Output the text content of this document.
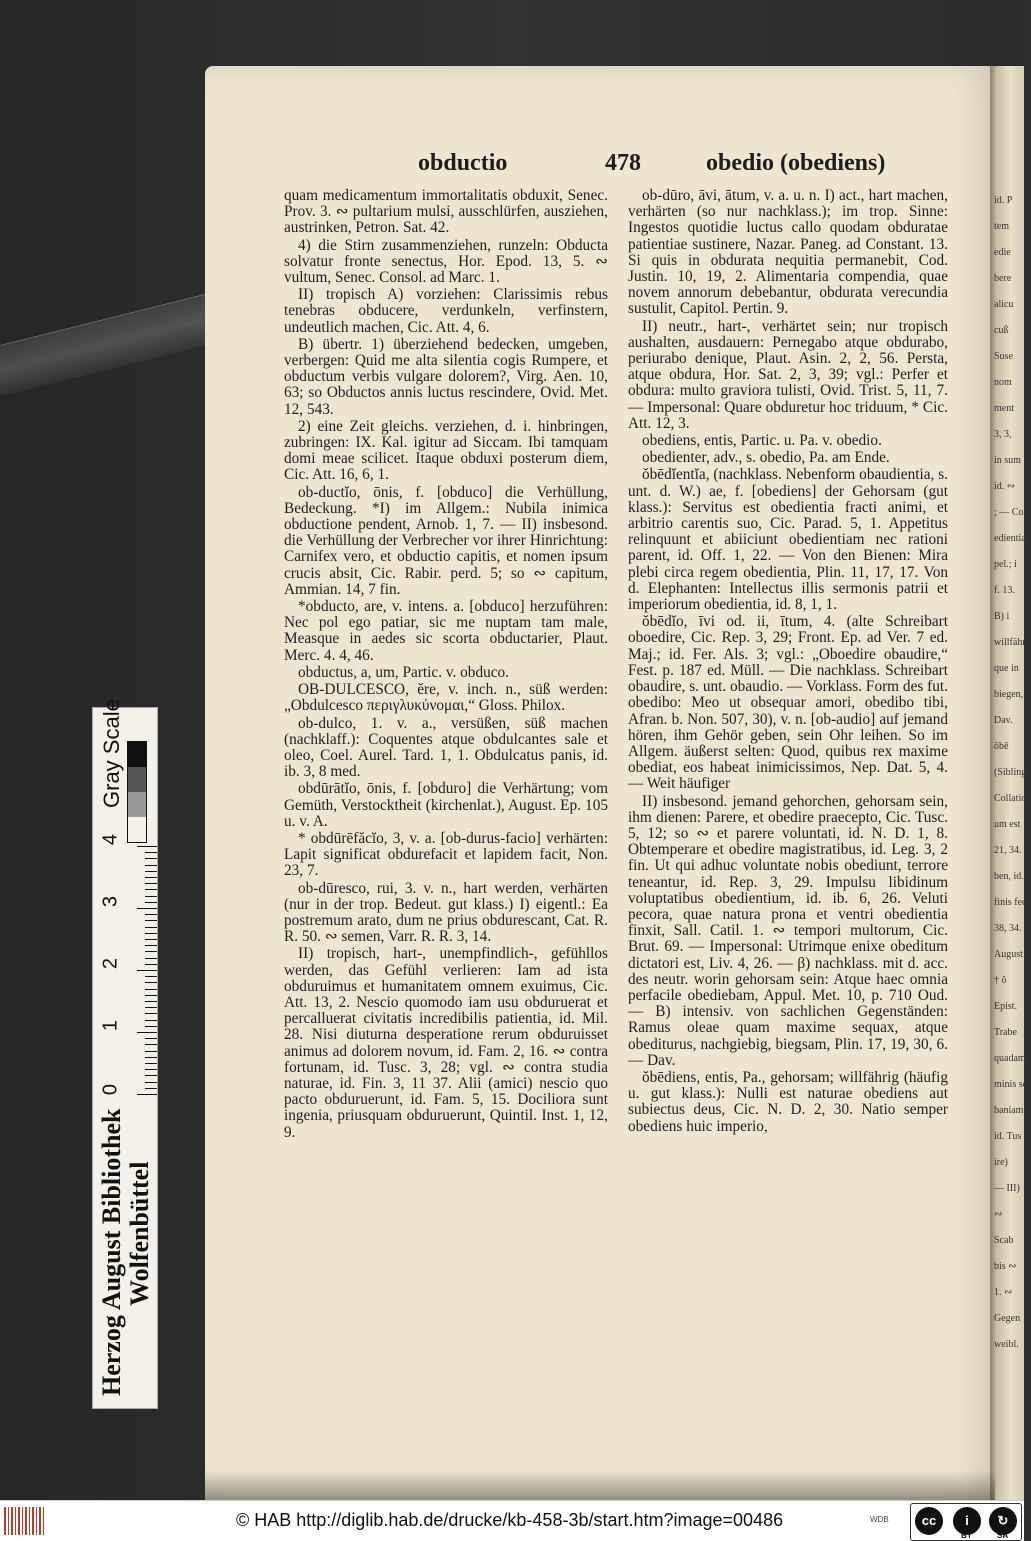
id. P
tem
edie
bere
alicu
cuß
Suse
nom
ment
3, 3,
in sum
id. ∾
; — Co
edientia
pel.; i
f. 13.
B) i
willfähr
que in
biegen,
Dav.
ŏbē
(Sibling
Collation
um est
21, 34.
ben, id.
finis fece
38, 34.
August
† ŏ
Epist.
Trabe
quadam
minis sc
baniam
id. Tus
ire)
— III)
∾
Scab
bis ∾
1. ∾
Gegen
weibl.
obductio	478	obedio (obediens)

quam medicamentum immortalitatis obduxit, Senec. Prov. 3. ∾ pultarium mulsi, ausschlürfen, ausziehen, austrinken, Petron. Sat. 42.

4) die Stirn zusammenziehen, runzeln: Obducta solvatur fronte senectus, Hor. Epod. 13, 5. ∾ vultum, Senec. Consol. ad Marc. 1.

II) tropisch A) vorziehen: Clarissimis rebus tenebras obducere, verdunkeln, verfinstern, undeutlich machen, Cic. Att. 4, 6.

B) übertr. 1) überziehend bedecken, umgeben, verbergen: Quid me alta silentia cogis Rumpere, et obductum verbis vulgare dolorem?, Virg. Aen. 10, 63; so Obductos annis luctus rescindere, Ovid. Met. 12, 543.

2) eine Zeit gleichs. verziehen, d. i. hinbringen, zubringen: IX. Kal. igitur ad Siccam. Ibi tamquam domi meae scilicet. Itaque obduxi posterum diem, Cic. Att. 16, 6, 1.

ob-ductĭo, ōnis, f. [obduco] die Verhüllung, Bedeckung. *I) im Allgem.: Nubila inimica obductione pendent, Arnob. 1, 7. — II) insbesond. die Verhüllung der Verbrecher vor ihrer Hinrichtung: Carnifex vero, et obductio capitis, et nomen ipsum crucis absit, Cic. Rabir. perd. 5; so ∾ capitum, Ammian. 14, 7 fin.

*obducto, are, v. intens. a. [obduco] herzuführen: Nec pol ego patiar, sic me nuptam tam male, Measque in aedes sic scorta obductarier, Plaut. Merc. 4. 4, 46.

obductus, a, um, Partic. v. obduco.

OB-DULCESCO, ĕre, v. inch. n., süß werden: „Obdulcesco περιγλυκύνομαι,“ Gloss. Philox.

ob-dulco, 1. v. a., versüßen, süß machen (nachklaff.): Coquentes atque obdulcantes sale et oleo, Coel. Aurel. Tard. 1, 1. Obdulcatus panis, id. ib. 3, 8 med.

obdūrātĭo, ōnis, f. [obduro] die Verhärtung; vom Gemüth, Verstocktheit (kirchenlat.), August. Ep. 105 u. v. A.

* obdūrēfăcĭo, 3, v. a. [ob-durus-facio] verhärten: Lapit significat obdurefacit et lapidem facit, Non. 23, 7.

ob-dūresco, rui, 3. v. n., hart werden, verhärten (nur in der trop. Bedeut. gut klass.) I) eigentl.: Ea postremum arato, dum ne prius obdurescant, Cat. R. R. 50. ∾ semen, Varr. R. R. 3, 14.

II) tropisch, hart-, unempfindlich-, gefühllos werden, das Gefühl verlieren: Iam ad ista obduruimus et humanitatem omnem exuimus, Cic. Att. 13, 2. Nescio quomodo iam usu obduruerat et percalluerat civitatis incredibilis patientia, id. Mil. 28. Nisi diuturna desperatione rerum obduruisset animus ad dolorem novum, id. Fam. 2, 16. ∾ contra fortunam, id. Tusc. 3, 28; vgl. ∾ contra studia naturae, id. Fin. 3, 11 37. Alii (amici) nescio quo pacto obduruerunt, id. Fam. 5, 15. Dociliora sunt ingenia, priusquam obduruerunt, Quintil. Inst. 1, 12, 9.

ob-dūro, āvi, ātum, v. a. u. n. I) act., hart machen, verhärten (so nur nachklass.); im trop. Sinne: Ingestos quotidie luctus callo quodam obduratae patientiae sustinere, Nazar. Paneg. ad Constant. 13. Si quis in obdurata nequitia permanebit, Cod. Justin. 10, 19, 2. Alimentaria compendia, quae novem annorum debebantur, obdurata verecundia sustulit, Capitol. Pertin. 9.

II) neutr., hart-, verhärtet sein; nur tropisch aushalten, ausdauern: Pernegabo atque obdurabo, periurabo denique, Plaut. Asin. 2, 2, 56. Persta, atque obdura, Hor. Sat. 2, 3, 39; vgl.: Perfer et obdura: multo graviora tulisti, Ovid. Trist. 5, 11, 7. — Impersonal: Quare obduretur hoc triduum, * Cic. Att. 12, 3.

obediens, entis, Partic. u. Pa. v. obedio.

obedienter, adv., s. obedio, Pa. am Ende.

ŏbēdĭentĭa, (nachklass. Nebenform obaudientia, s. unt. d. W.) ae, f. [obediens] der Gehorsam (gut klass.): Servitus est obedientia fracti animi, et arbitrio carentis suo, Cic. Parad. 5, 1. Appetitus relinquunt et abiiciunt obedientiam nec rationi parent, id. Off. 1, 22. — Von den Bienen: Mira plebi circa regem obedientia, Plin. 11, 17, 17. Von d. Elephanten: Intellectus illis sermonis patrii et imperiorum obedientia, id. 8, 1, 1.

ŏbēdĭo, īvi od. ii, ītum, 4. (alte Schreibart oboedire, Cic. Rep. 3, 29; Front. Ep. ad Ver. 7 ed. Maj.; id. Fer. Als. 3; vgl.: „Oboedire obaudire,“ Fest. p. 187 ed. Müll. — Die nachklass. Schreibart obaudire, s. unt. obaudio. — Vorklass. Form des fut. obedibo: Meo ut obsequar amori, obedibo tibi, Afran. b. Non. 507, 30), v. n. [ob-audio] auf jemand hören, ihm Gehör geben, sein Ohr leihen. So im Allgem. äußerst selten: Quod, quibus rex maxime obediat, eos habeat inimicissimos, Nep. Dat. 5, 4. — Weit häufiger

II) insbesond. jemand gehorchen, gehorsam sein, ihm dienen: Parere, et obedire praecepto, Cic. Tusc. 5, 12; so ∾ et parere voluntati, id. N. D. 1, 8. Obtemperare et obedire magistratibus, id. Leg. 3, 2 fin. Ut qui adhuc voluntate nobis obediunt, terrore teneantur, id. Rep. 3, 29. Impulsu libidinum voluptatibus obedientium, id. ib. 6, 26. Veluti pecora, quae natura prona et ventri obedientia finxit, Sall. Catil. 1. ∾ tempori multorum, Cic. Brut. 69. — Impersonal: Utrimque enixe obeditum dictatori est, Liv. 4, 26. — β) nachklass. mit d. acc. des neutr. worin gehorsam sein: Atque haec omnia perfacile obediebam, Appul. Met. 10, p. 710 Oud. — B) intensiv. von sachlichen Gegenständen: Ramus oleae quam maxime sequax, atque obediturus, nachgiebig, biegsam, Plin. 17, 19, 30, 6. — Dav.

ŏbēdiens, entis, Pa., gehorsam; willfährig (häufig u. gut klass.): Nulli est naturae obediens aut subiectus deus, Cic. N. D. 2, 30. Natio semper obediens huic imperio,

Gray Scale
4
3
2
1
0
Herzog August Bibliothek Wolfenbüttel
© HAB http://diglib.hab.de/drucke/kb-458-3b/start.htm?image=00486	WDB	cc	i	↻
BY	SA
